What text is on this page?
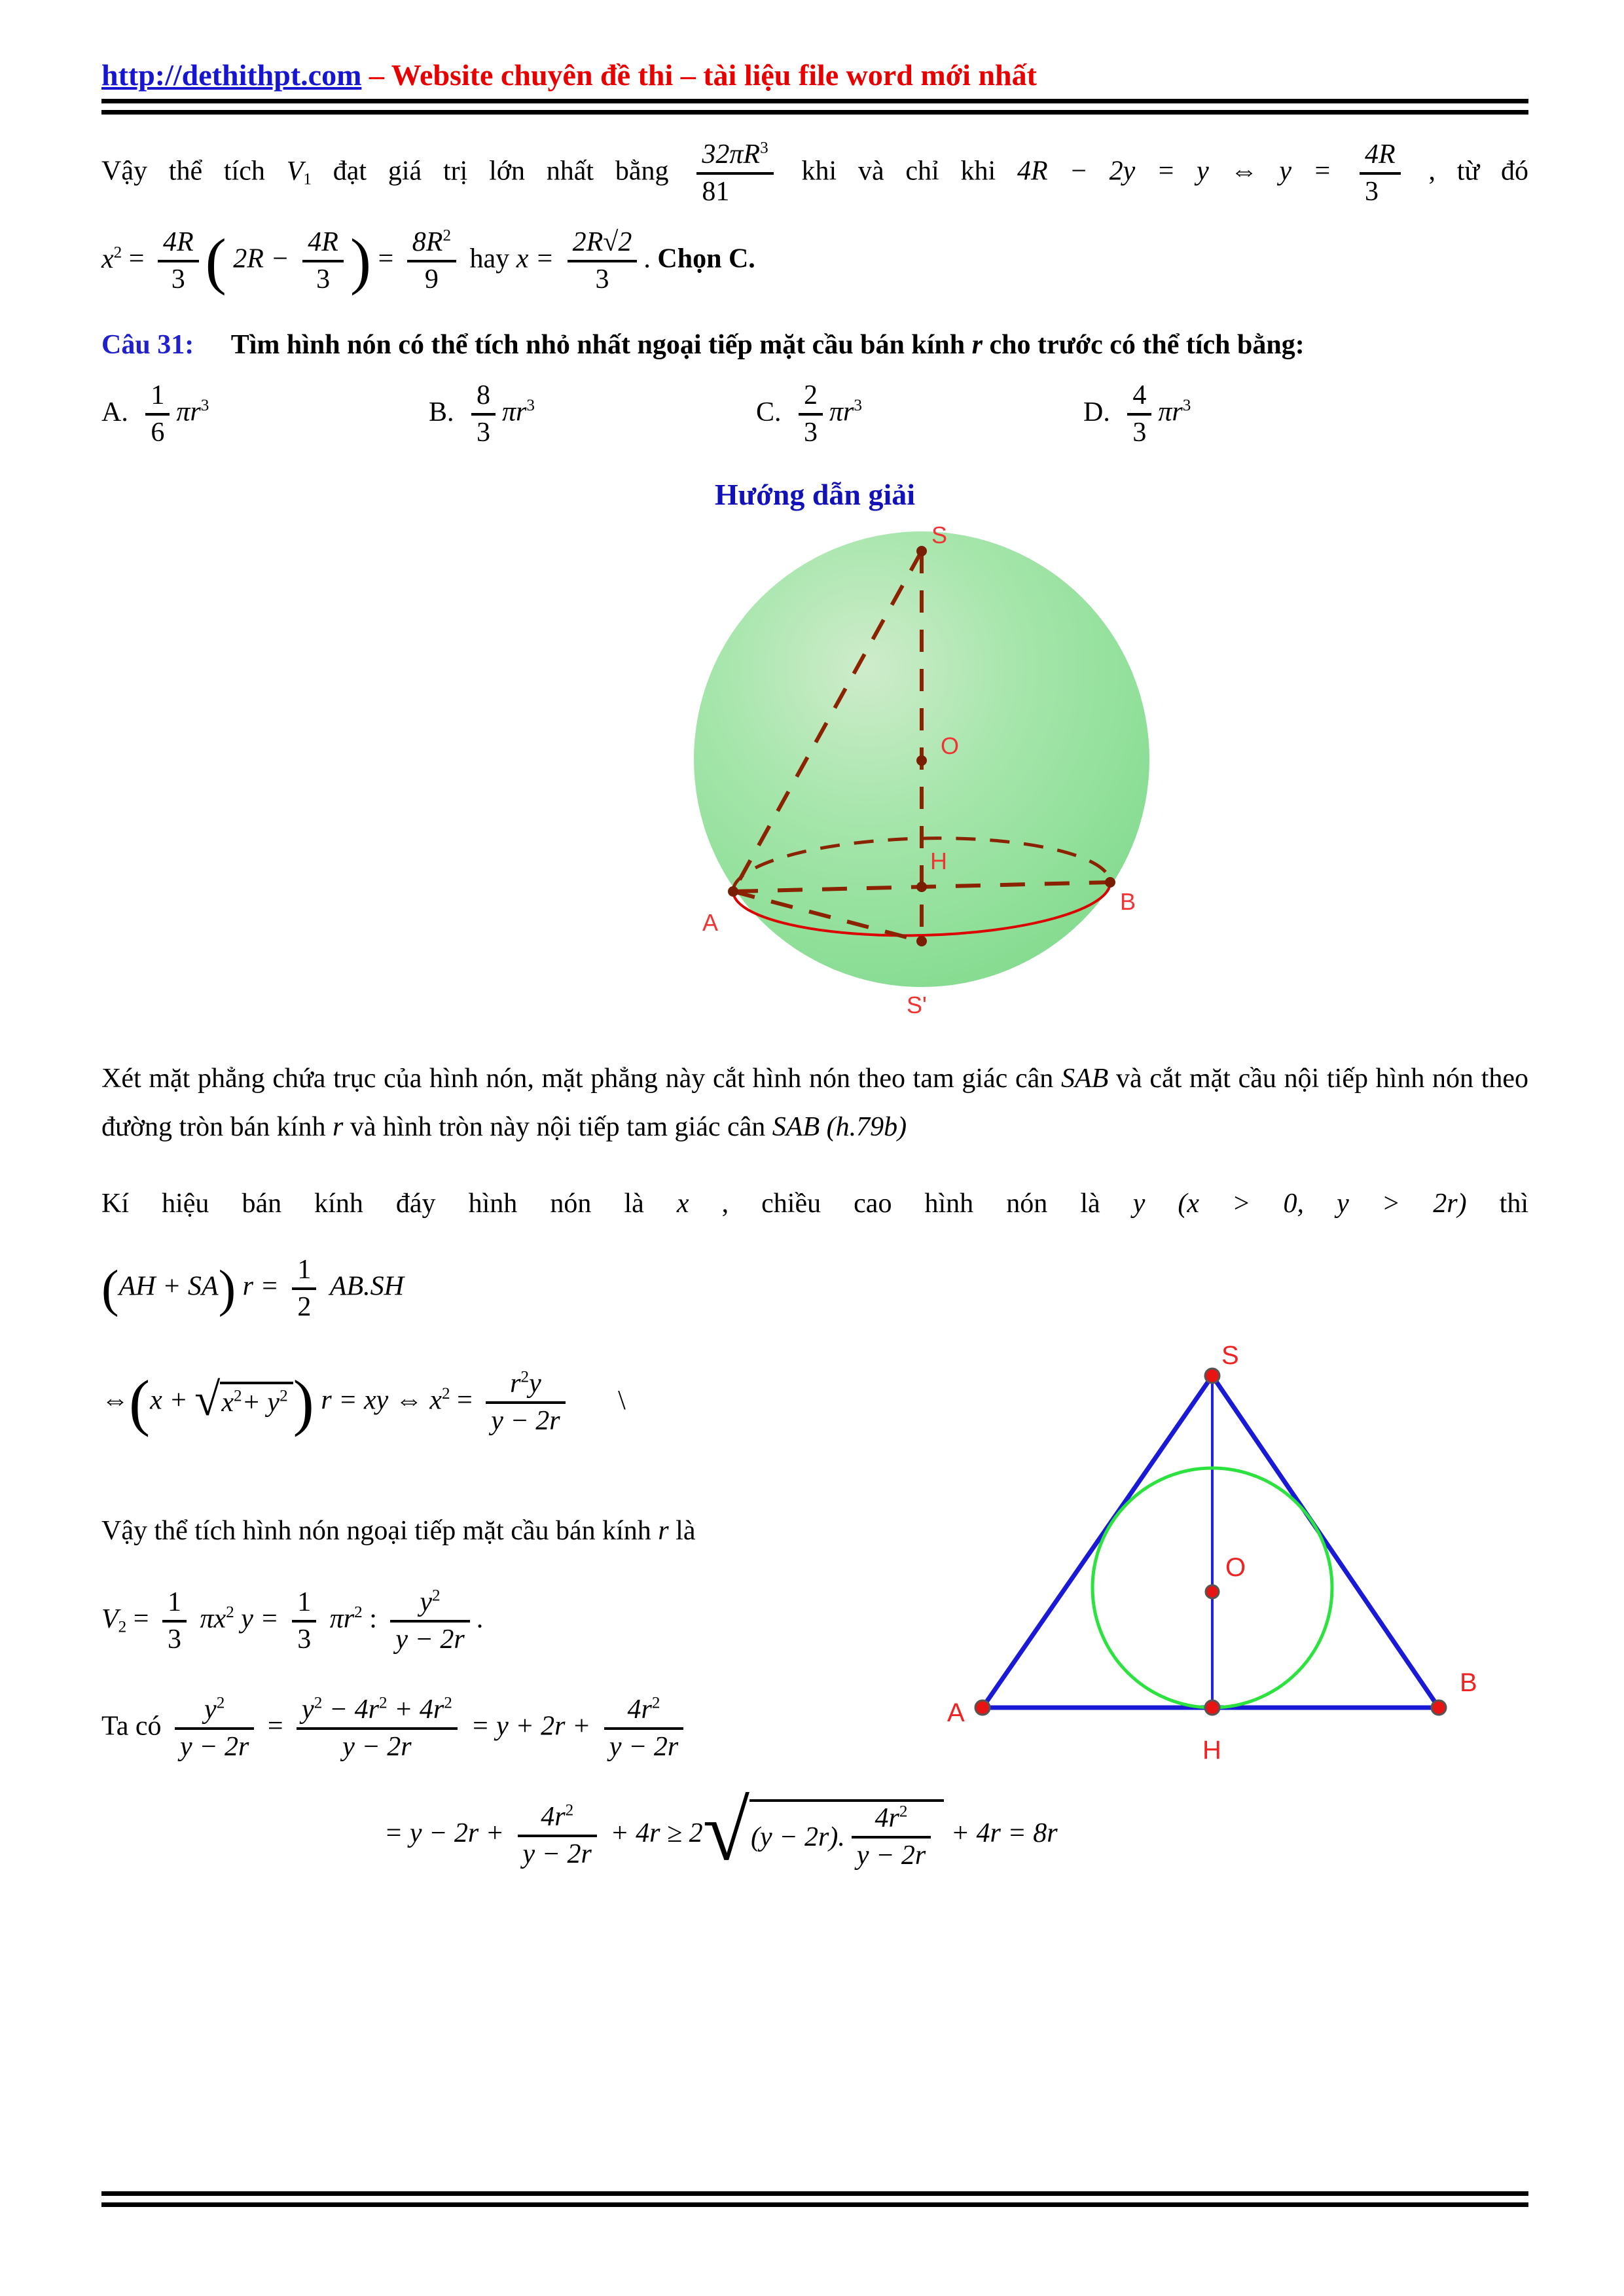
http://dethithpt.com – Website chuyên đề thi – tài liệu file word mới nhất
Vậy thể tích $V_1$ đạt giá trị lớn nhất bằng $\frac{32\pi R^3}{81}$ khi và chỉ khi 4R − 2y = y ⇔ $y = \frac{4R}{3}$ , từ đó
$x^2 = \frac{4R}{3}$ ( $2R - \frac{4R}{3}$ ) = $\frac{8R^2}{9}$ hay $x = \frac{2R√2}{3}$ . Chọn C.
Câu 31: Tìm hình nón có thể tích nhỏ nhất ngoại tiếp mặt cầu bán kính r cho trước có thể tích bằng:
A. $\frac{1}{6} \pi r^3$	B. $\frac{8}{3} \pi r^3$	C. $\frac{2}{3} \pi r^3$	D. $\frac{4}{3} \pi r^3$
Hướng dẫn giải
S
O
H
A
B
S'

Xét mặt phẳng chứa trục của hình nón, mặt phẳng này cắt hình nón theo tam giác cân SAB và cắt mặt cầu nội tiếp hình nón theo đường tròn bán kính r và hình tròn này nội tiếp tam giác cân SAB (h.79b)

Kí hiệu bán kính đáy hình nón là x , chiều cao hình nón là y (x > 0, y > 2r) thì
(AH + SA) $r = \frac{1}{2} AB.SH$
⇔(x + √ $x^2+ y^2$ ) r = xy ⇔ $x^2 = \frac{r^2y}{y - 2r}$ \
Vậy thể tích hình nón ngoại tiếp mặt cầu bán kính r là
$V_2 = \frac{1}{3} \pi x^2$ $y = \frac{1}{3} \pi r^2$ : $\frac{y^2}{y - 2r}$ .
Ta có $\frac{y^2}{y - 2r} = \frac{y^2 - 4r^2 + 4r^2}{y - 2r} = y + 2r + \frac{4r^2}{y - 2r}$
= $y - 2r + \frac{4r^2}{y - 2r} + 4r \ge 2$ √ (y − 2r). $\frac{4r^2}{y - 2r} + 4r = 8r$
S
O
A
B
H
